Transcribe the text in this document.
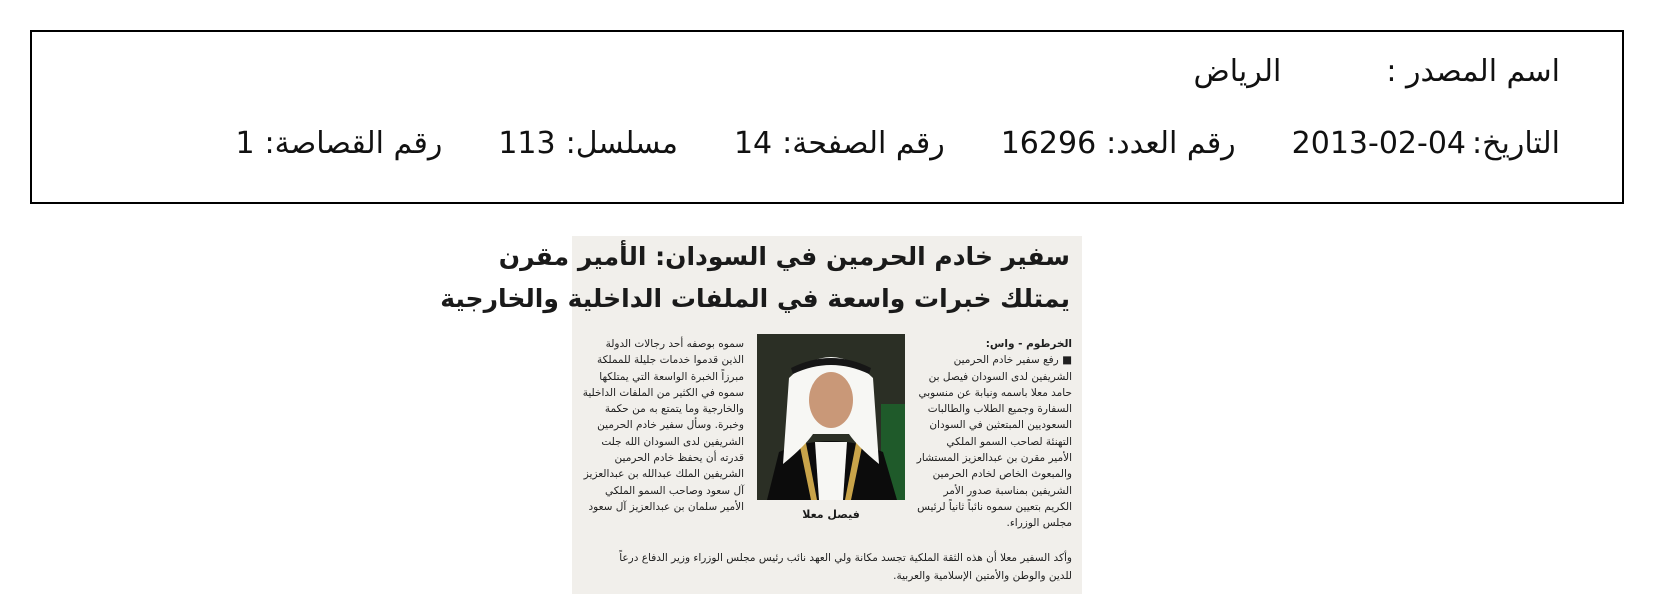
اسم المصدر :
الرياض
التاريخ:
2013-02-04
رقم العدد:
16296
رقم الصفحة:
14
مسلسل:
113
رقم القصاصة:
1
سفير خادم الحرمين في السودان: الأمير مقرن
يمتلك خبرات واسعة في الملفات الداخلية والخارجية
الخرطوم - واس:
■ رفع سفير خادم الحرمين
الشريفين لدى السودان فيصل بن
حامد معلا باسمه ونيابة عن منسوبي
السفارة وجميع الطلاب والطالبات
السعوديين المبتعثين في السودان
التهنئة لصاحب السمو الملكي
الأمير مقرن بن عبدالعزيز المستشار
والمبعوث الخاص لخادم الحرمين
الشريفين بمناسبة صدور الأمر
الكريم بتعيين سموه نائباً ثانياً لرئيس
مجلس الوزراء.
فيصل معلا
سموه بوصفه أحد رجالات الدولة
الذين قدموا خدمات جليلة للمملكة
مبرزاً الخبرة الواسعة التي يمتلكها
سموه في الكثير من الملفات الداخلية
والخارجية وما يتمتع به من حكمة
وخبرة. وسأل سفير خادم الحرمين
الشريفين لدى السودان الله جلت
قدرته أن يحفظ خادم الحرمين
الشريفين الملك عبدالله بن عبدالعزيز
آل سعود وصاحب السمو الملكي
الأمير سلمان بن عبدالعزيز آل سعود
وأكد السفير معلا أن هذه الثقة الملكية تجسد مكانة ولي العهد نائب رئيس مجلس الوزراء وزير الدفاع درعاً
للدين والوطن والأمتين الإسلامية والعربية.
